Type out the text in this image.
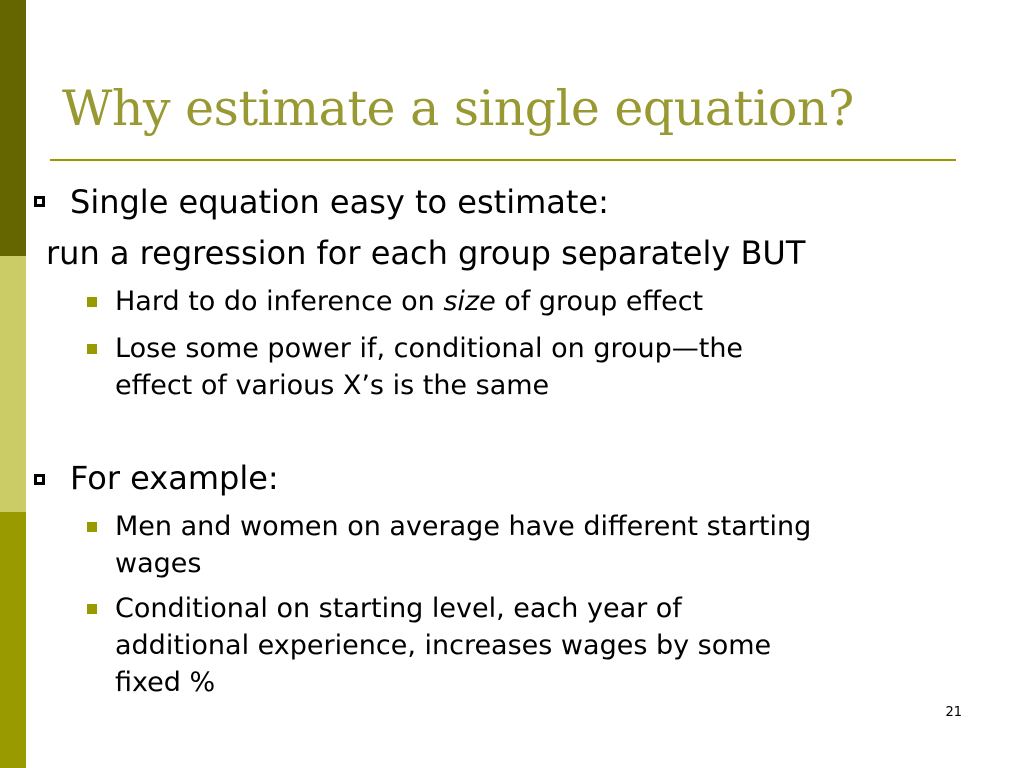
Why estimate a single equation?
Single equation easy to estimate:
run a regression for each group separately BUT
Hard to do inference on size of group effect
Lose some power if, conditional on group—the
effect of various X’s is the same
For example:
Men and women on average have different starting
wages
Conditional on starting level, each year of
additional experience, increases wages by some
fixed %
21
